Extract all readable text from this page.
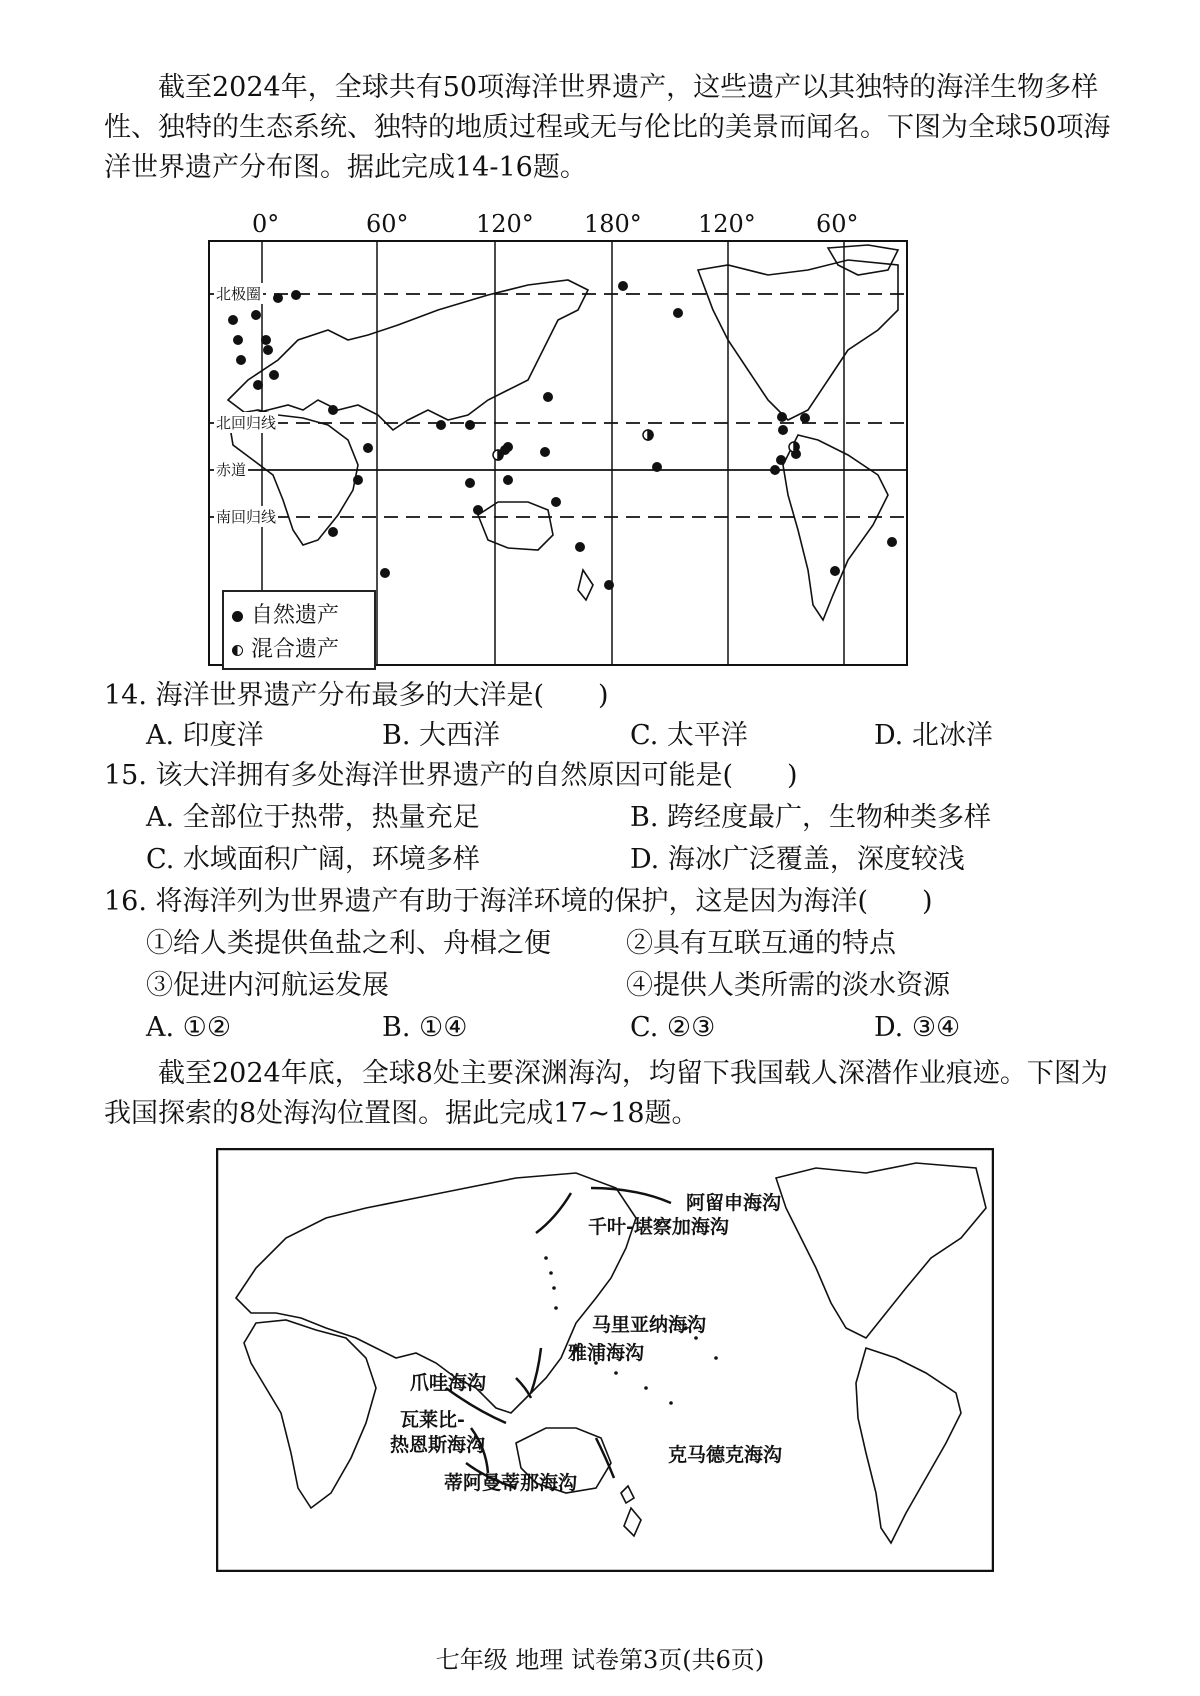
截至2024年，全球共有50项海洋世界遗产，这些遗产以其独特的海洋生物多样性、独特的生态系统、独特的地质过程或无与伦比的美景而闻名。下图为全球50项海洋世界遗产分布图。据此完成14-16题。

0°	60°	120° 180° 120°	60°
北极圈
北回归线
赤道
南回归线
自然遗产
混合遗产

14. 海洋世界遗产分布最多的大洋是(　　)

A. 印度洋	B. 大西洋	C. 太平洋	D. 北冰洋

15. 该大洋拥有多处海洋世界遗产的自然原因可能是(　　)

A. 全部位于热带，热量充足	B. 跨经度最广，生物种类多样
C. 水域面积广阔，环境多样	D. 海冰广泛覆盖，深度较浅

16. 将海洋列为世界遗产有助于海洋环境的保护，这是因为海洋(　　)

①给人类提供鱼盐之利、舟楫之便	②具有互联互通的特点
③促进内河航运发展	④提供人类所需的淡水资源
A. ①②	B. ①④	C. ②③	D. ③④

截至2024年底，全球8处主要深渊海沟，均留下我国载人深潜作业痕迹。下图为我国探索的8处海沟位置图。据此完成17~18题。

阿留申海沟
千叶-堪察加海沟
马里亚纳海沟
雅浦海沟
爪哇海沟
瓦莱比-
热恩斯海沟
蒂阿曼蒂那海沟
克马德克海沟
七年级 地理 试卷第3页(共6页)
